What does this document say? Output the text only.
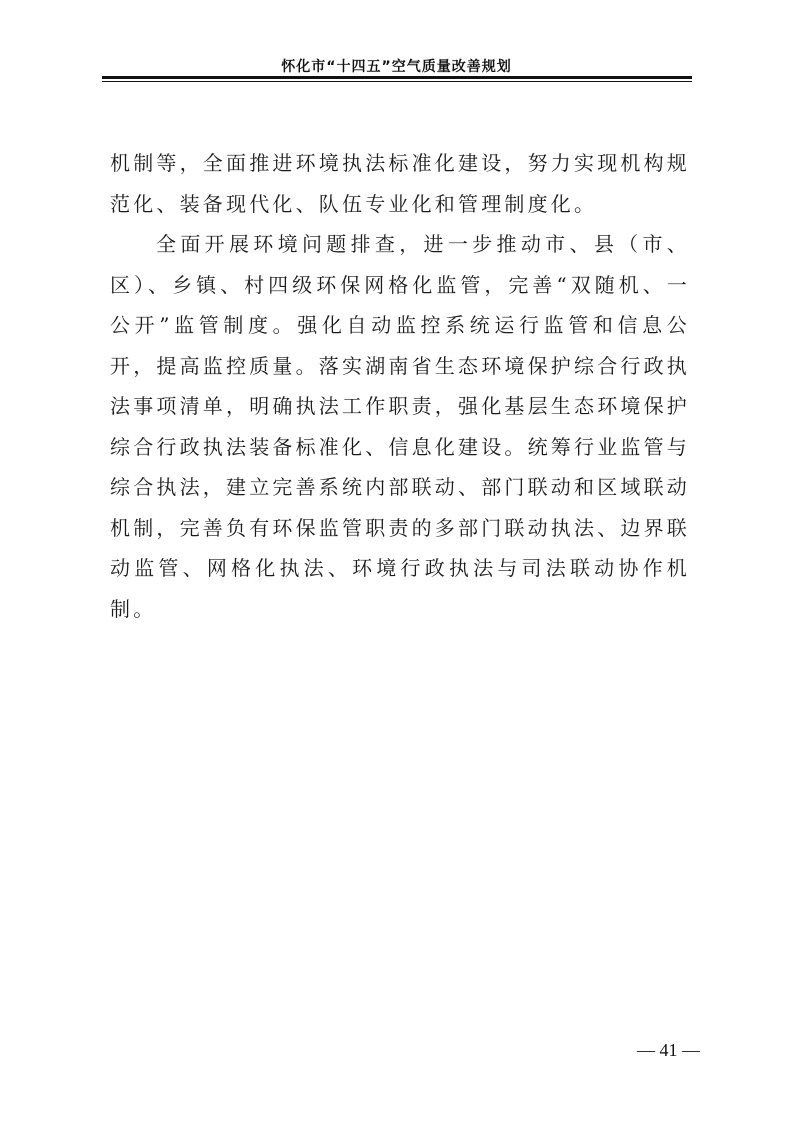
怀化市“十四五”空气质量改善规划

机制等，全面推进环境执法标准化建设，努力实现机构规范化、装备现代化、队伍专业化和管理制度化。

全面开展环境问题排查，进一步推动市、县（市、区）、乡镇、村四级环保网格化监管，完善“双随机、一公开”监管制度。强化自动监控系统运行监管和信息公开，提高监控质量。落实湖南省生态环境保护综合行政执法事项清单，明确执法工作职责，强化基层生态环境保护综合行政执法装备标准化、信息化建设。统筹行业监管与综合执法，建立完善系统内部联动、部门联动和区域联动机制，完善负有环保监管职责的多部门联动执法、边界联动监管、网格化执法、环境行政执法与司法联动协作机制。

— 41 —
